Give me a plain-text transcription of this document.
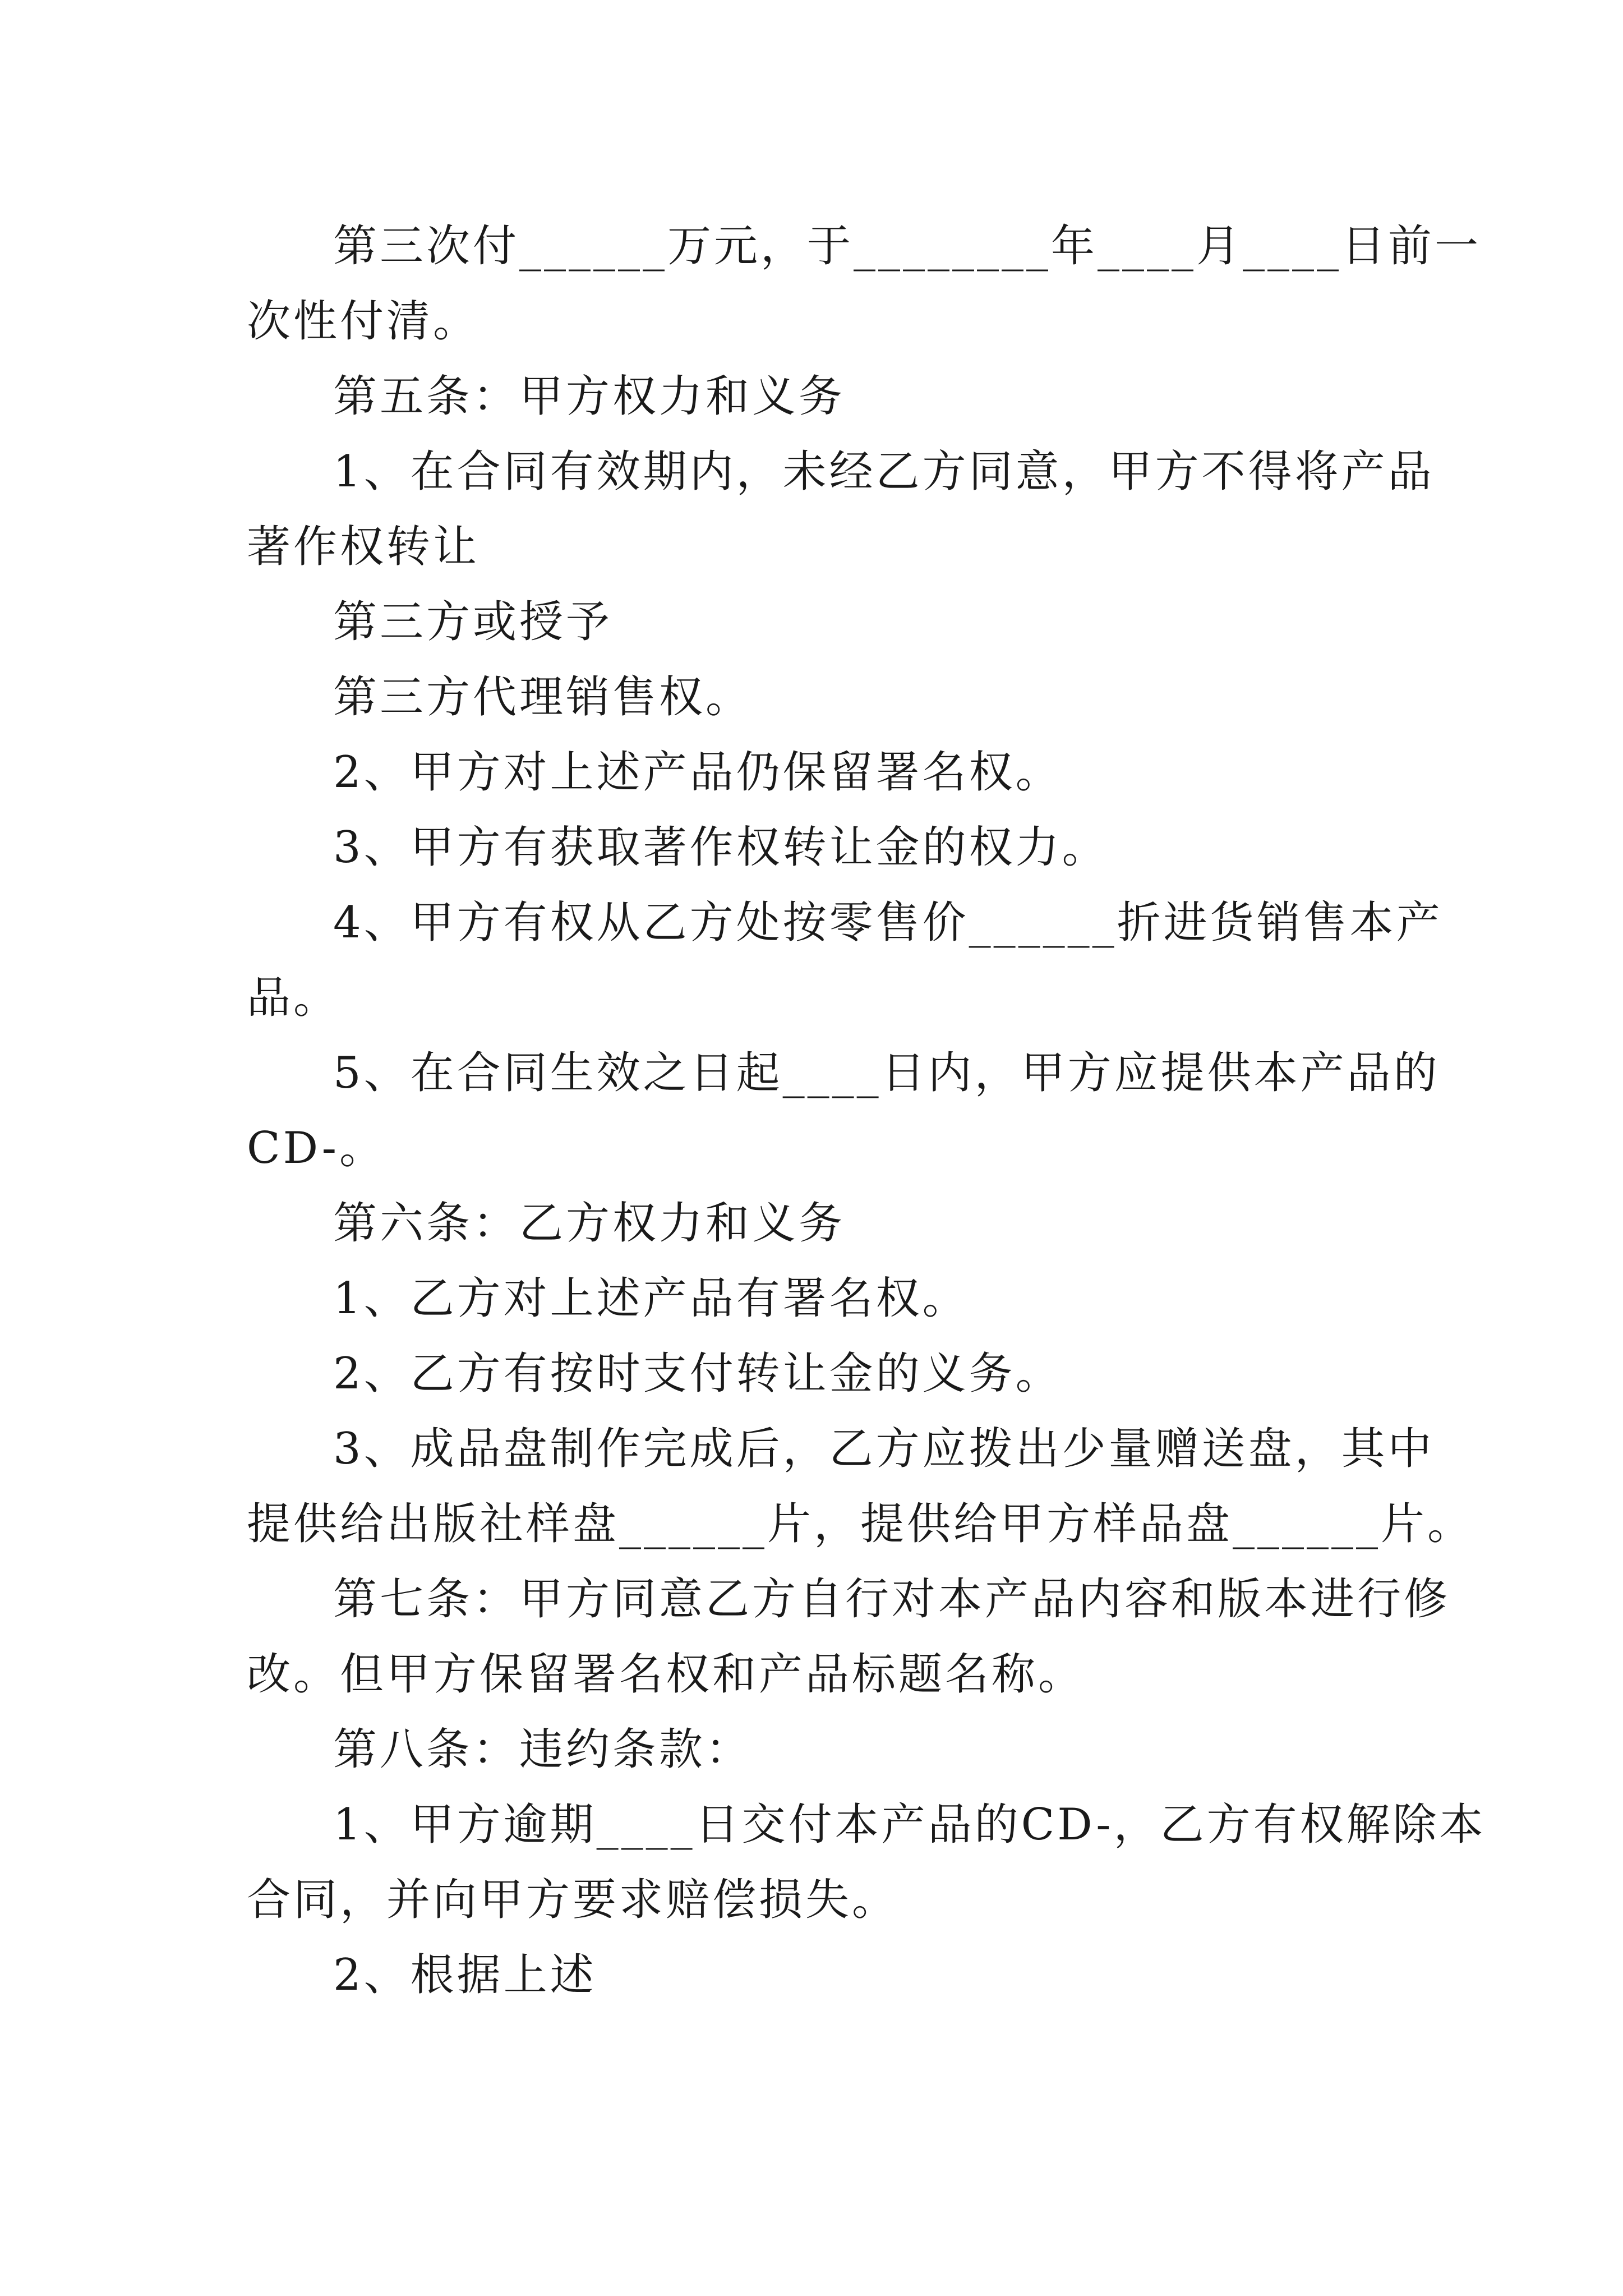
第三次付______万元，于________年____月____日前一
次性付清。
第五条：甲方权力和义务
1、在合同有效期内，未经乙方同意，甲方不得将产品
著作权转让
第三方或授予
第三方代理销售权。
2、甲方对上述产品仍保留署名权。
3、甲方有获取著作权转让金的权力。
4、甲方有权从乙方处按零售价______折进货销售本产
品。
5、在合同生效之日起____日内，甲方应提供本产品的
CD-。
第六条：乙方权力和义务
1、乙方对上述产品有署名权。
2、乙方有按时支付转让金的义务。
3、成品盘制作完成后，乙方应拨出少量赠送盘，其中
提供给出版社样盘______片，提供给甲方样品盘______片。
第七条：甲方同意乙方自行对本产品内容和版本进行修
改。但甲方保留署名权和产品标题名称。
第八条：违约条款：
1、甲方逾期____日交付本产品的CD-，乙方有权解除本
合同，并向甲方要求赔偿损失。
2、根据上述
